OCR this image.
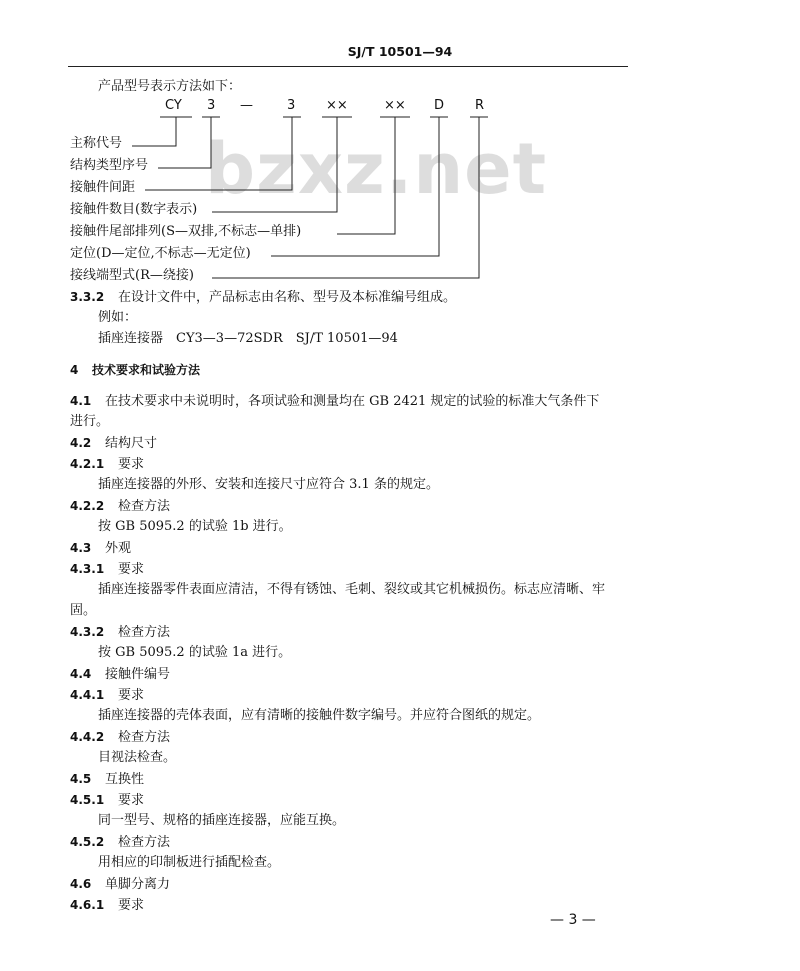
SJ/T 10501—94
bzxz.net
产品型号表示方法如下：
CY 3 —	3 ××	×× D R
主称代号
结构类型序号
接触件间距
接触件数目(数字表示)
接触件尾部排列(S—双排,不标志—单排)
定位(D—定位,不标志—无定位)
接线端型式(R—绕接)
3.3.2 在设计文件中，产品标志由名称、型号及本标准编号组成。
例如：
插座连接器　CY3—3—72SDR　SJ/T 10501—94
4 技术要求和试验方法
4.1 在技术要求中未说明时，各项试验和测量均在 GB 2421 规定的试验的标准大气条件下
进行。
4.2 结构尺寸
4.2.1 要求
插座连接器的外形、安装和连接尺寸应符合 3.1 条的规定。
4.2.2 检查方法
按 GB 5095.2 的试验 1b 进行。
4.3 外观
4.3.1 要求
插座连接器零件表面应清洁，不得有锈蚀、毛刺、裂纹或其它机械损伤。标志应清晰、牢
固。
4.3.2 检查方法
按 GB 5095.2 的试验 1a 进行。
4.4 接触件编号
4.4.1 要求
插座连接器的壳体表面，应有清晰的接触件数字编号。并应符合图纸的规定。
4.4.2 检查方法
目视法检查。
4.5 互换性
4.5.1 要求
同一型号、规格的插座连接器，应能互换。
4.5.2 检查方法
用相应的印制板进行插配检查。
4.6 单脚分离力
4.6.1 要求
— 3 —
